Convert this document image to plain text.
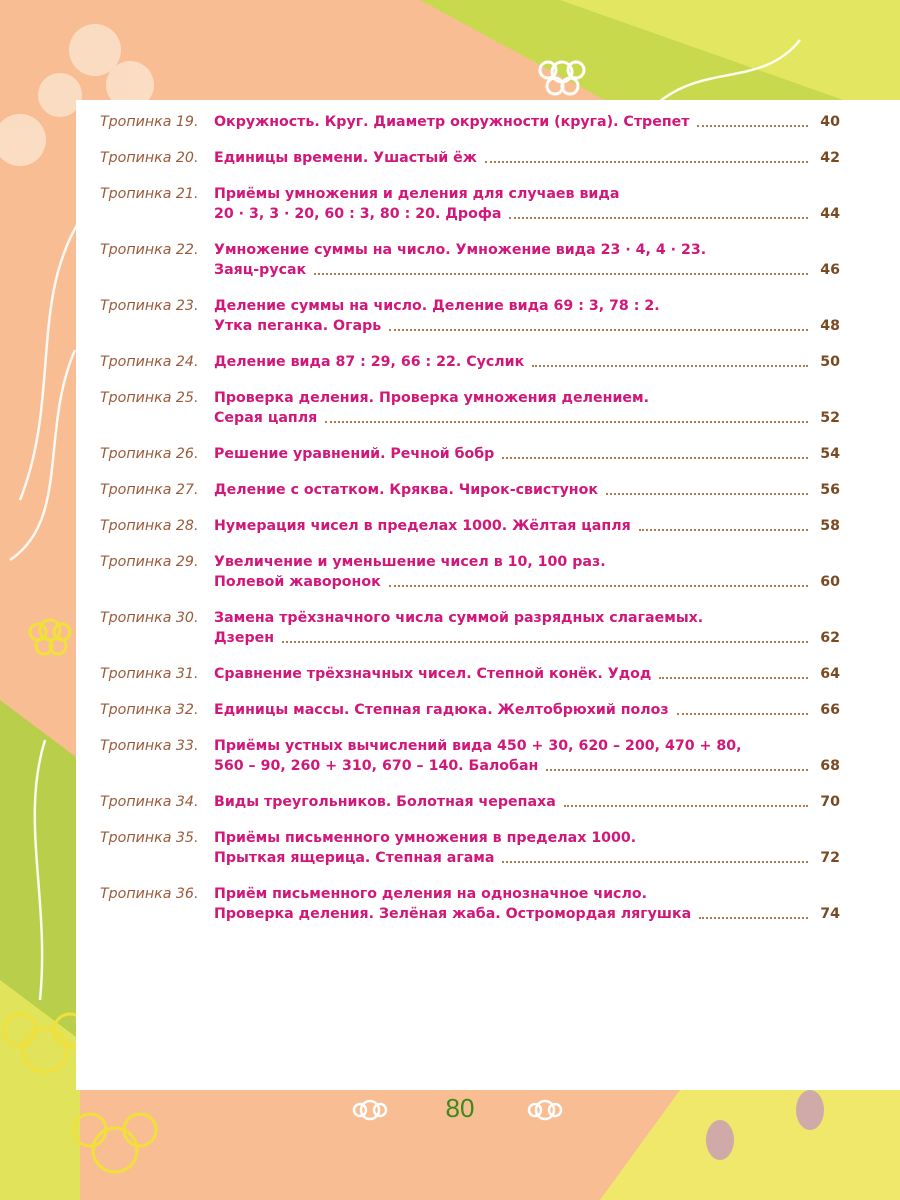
Тропинка 19.	Окружность. Круг. Диаметр окружности (круга). Стрепет	40
Тропинка 20.	Единицы времени. Ушастый ёж	42
Тропинка 21.	Приёмы умножения и деления для случаев вида
20 · 3, 3 · 20, 60 : 3, 80 : 20. Дрофа	44
Тропинка 22.	Умножение суммы на число. Умножение вида 23 · 4, 4 · 23.
Заяц-русак	46
Тропинка 23.	Деление суммы на число. Деление вида 69 : 3, 78 : 2.
Утка пеганка. Огарь	48
Тропинка 24.	Деление вида 87 : 29, 66 : 22. Суслик	50
Тропинка 25.	Проверка деления. Проверка умножения делением.
Серая цапля	52
Тропинка 26.	Решение уравнений. Речной бобр	54
Тропинка 27.	Деление с остатком. Кряква. Чирок-свистунок	56
Тропинка 28.	Нумерация чисел в пределах 1000. Жёлтая цапля	58
Тропинка 29.	Увеличение и уменьшение чисел в 10, 100 раз.
Полевой жаворонок	60
Тропинка 30.	Замена трёхзначного числа суммой разрядных слагаемых.
Дзерен	62
Тропинка 31.	Сравнение трёхзначных чисел. Степной конёк. Удод	64
Тропинка 32.	Единицы массы. Степная гадюка. Желтобрюхий полоз	66
Тропинка 33.	Приёмы устных вычислений вида 450 + 30, 620 – 200, 470 + 80,
560 – 90, 260 + 310, 670 – 140. Балобан	68
Тропинка 34.	Виды треугольников. Болотная черепаха	70
Тропинка 35.	Приёмы письменного умножения в пределах 1000.
Прыткая ящерица. Степная агама	72
Тропинка 36.	Приём письменного деления на однозначное число.
Проверка деления. Зелёная жаба. Остромордая лягушка	74
80
